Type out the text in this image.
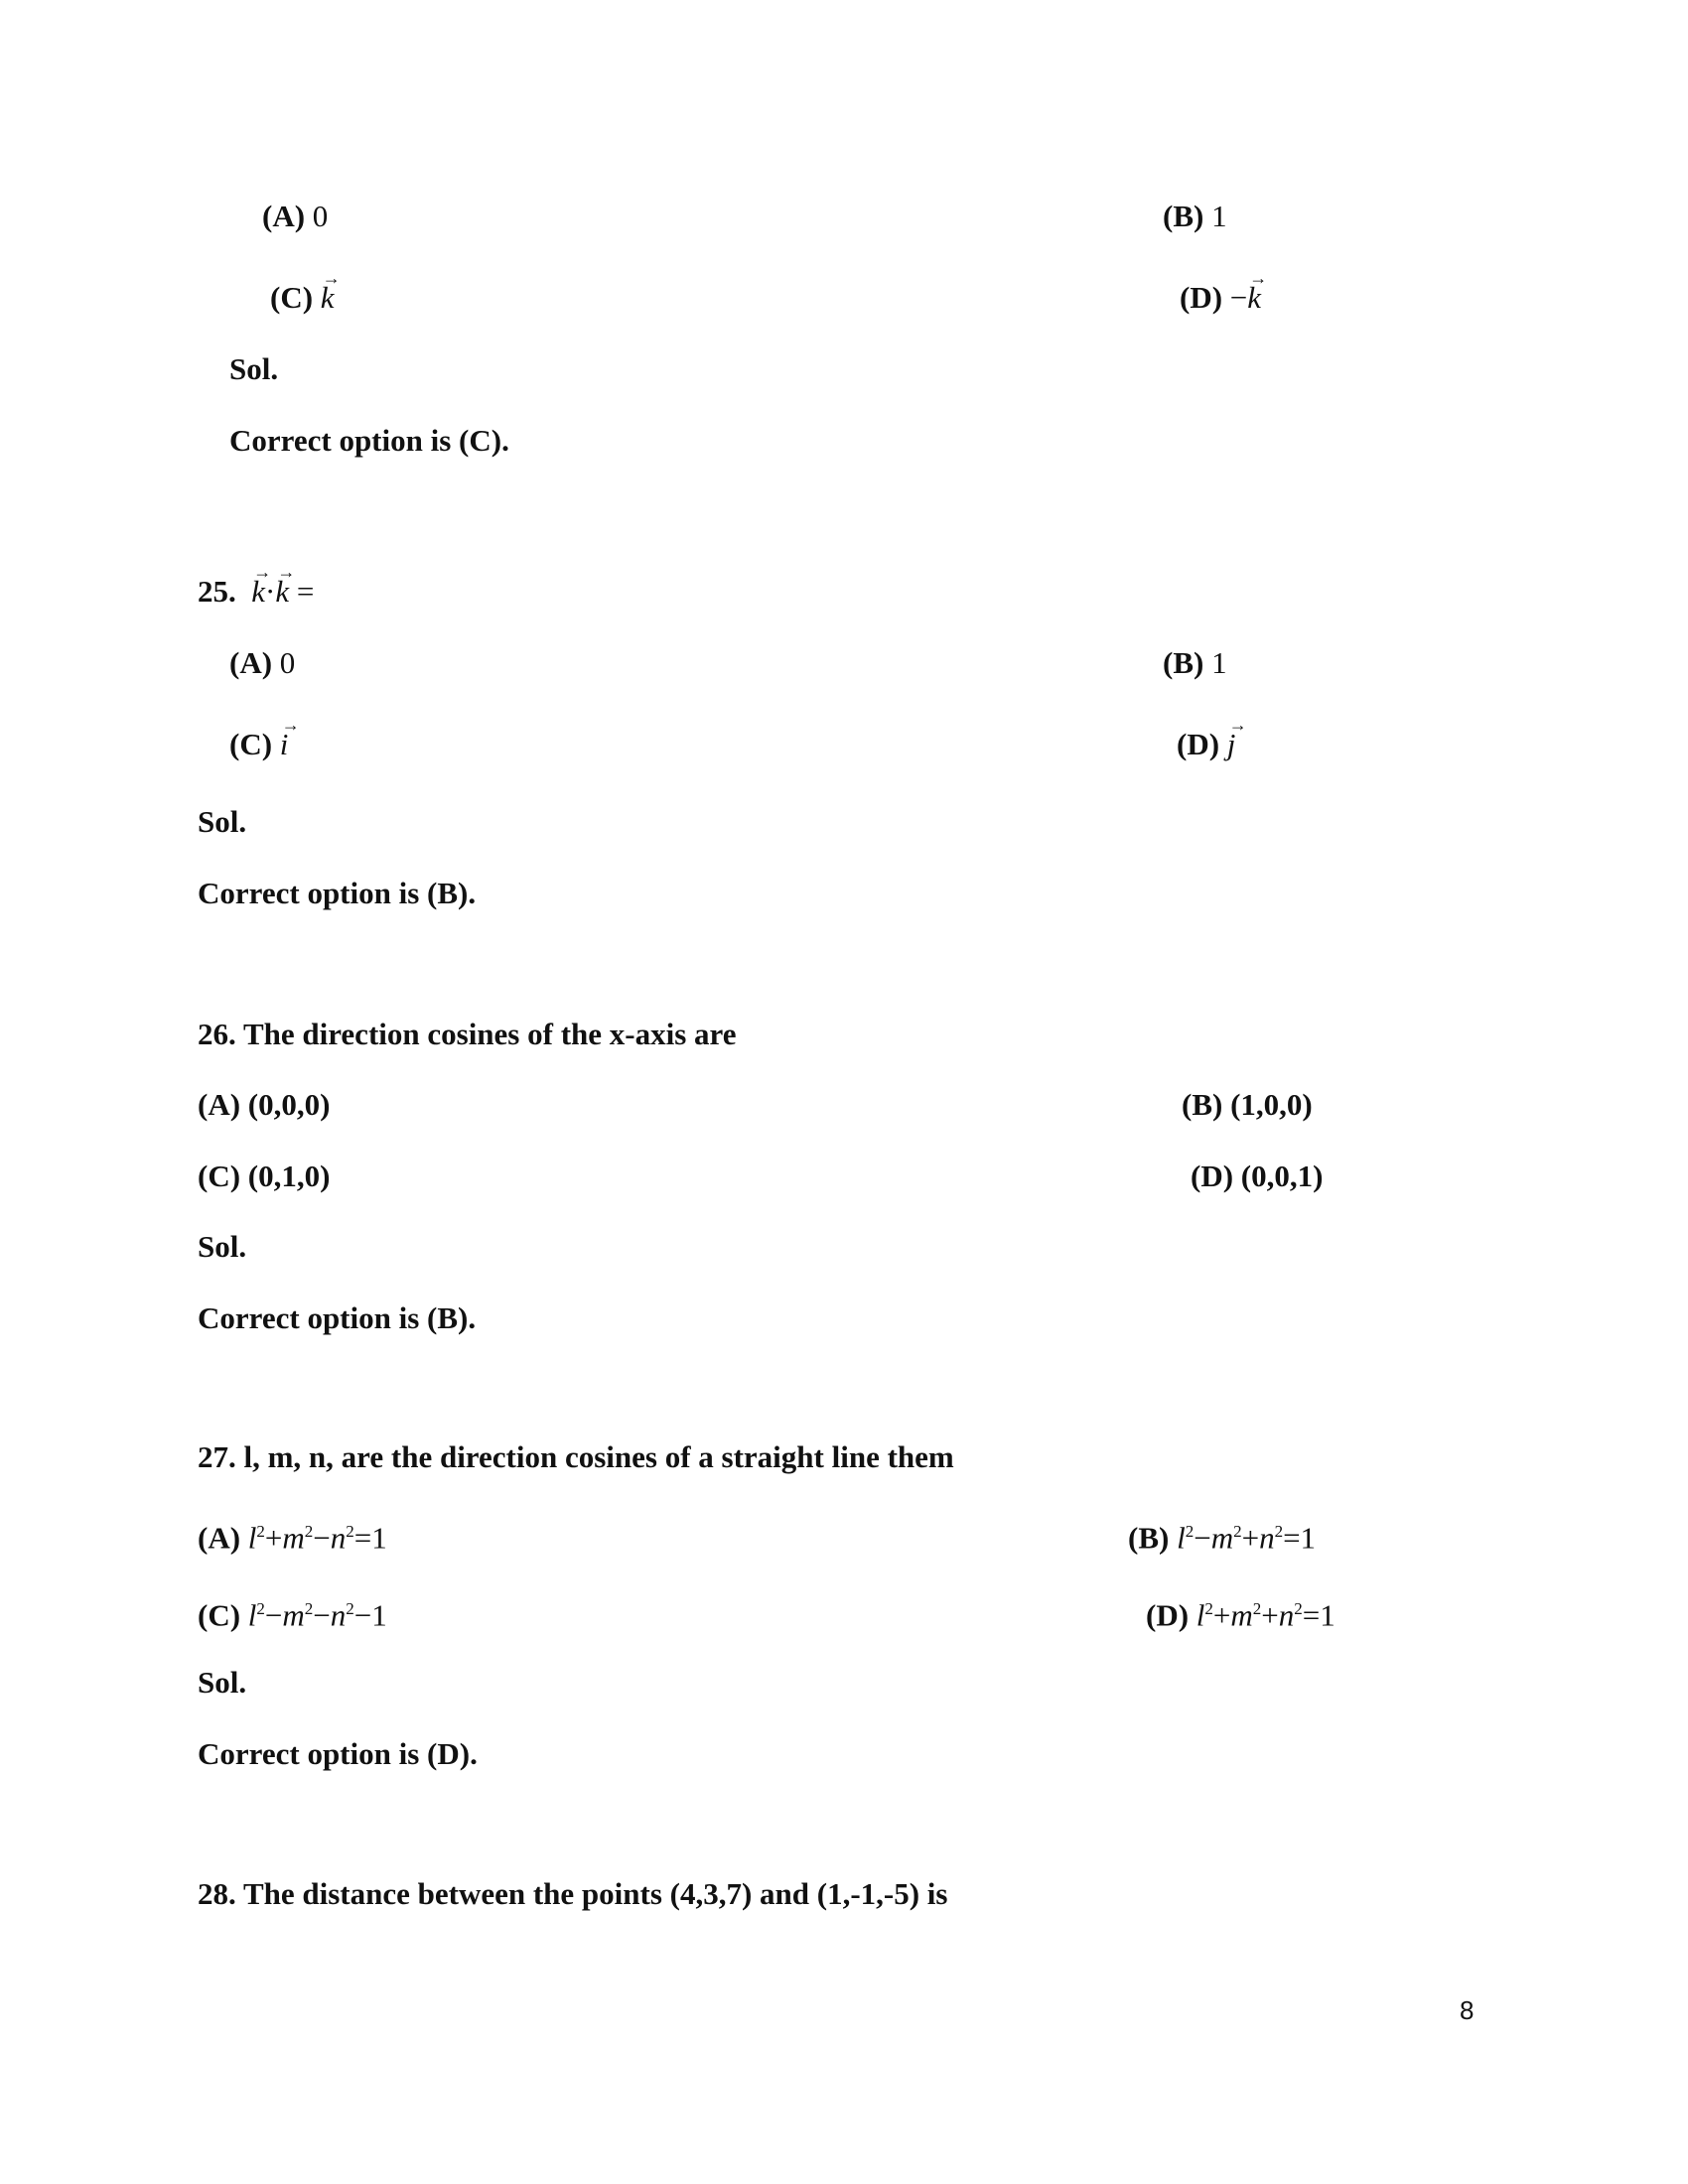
(A) 0	(B) 1
(C) → k	(D) −→ k
Sol.
Correct option is (C).
25. → k·→ k =
(A) 0	(B) 1
(C) → i	(D) → j
Sol.
Correct option is (B).
26. The direction cosines of the x-axis are
(A) (0,0,0)	(B) (1,0,0)
(C) (0,1,0)	(D) (0,0,1)
Sol.
Correct option is (B).
27. l, m, n, are the direction cosines of a straight line them
(A) $l^2+m^2-n^2=1$	(B) $l^2-m^2+n^2=1$
(C) $l^2-m^2-n^2-1$	(D) $l^2+m^2+n^2=1$
Sol.
Correct option is (D).
28. The distance between the points (4,3,7) and (1,-1,-5) is
8
